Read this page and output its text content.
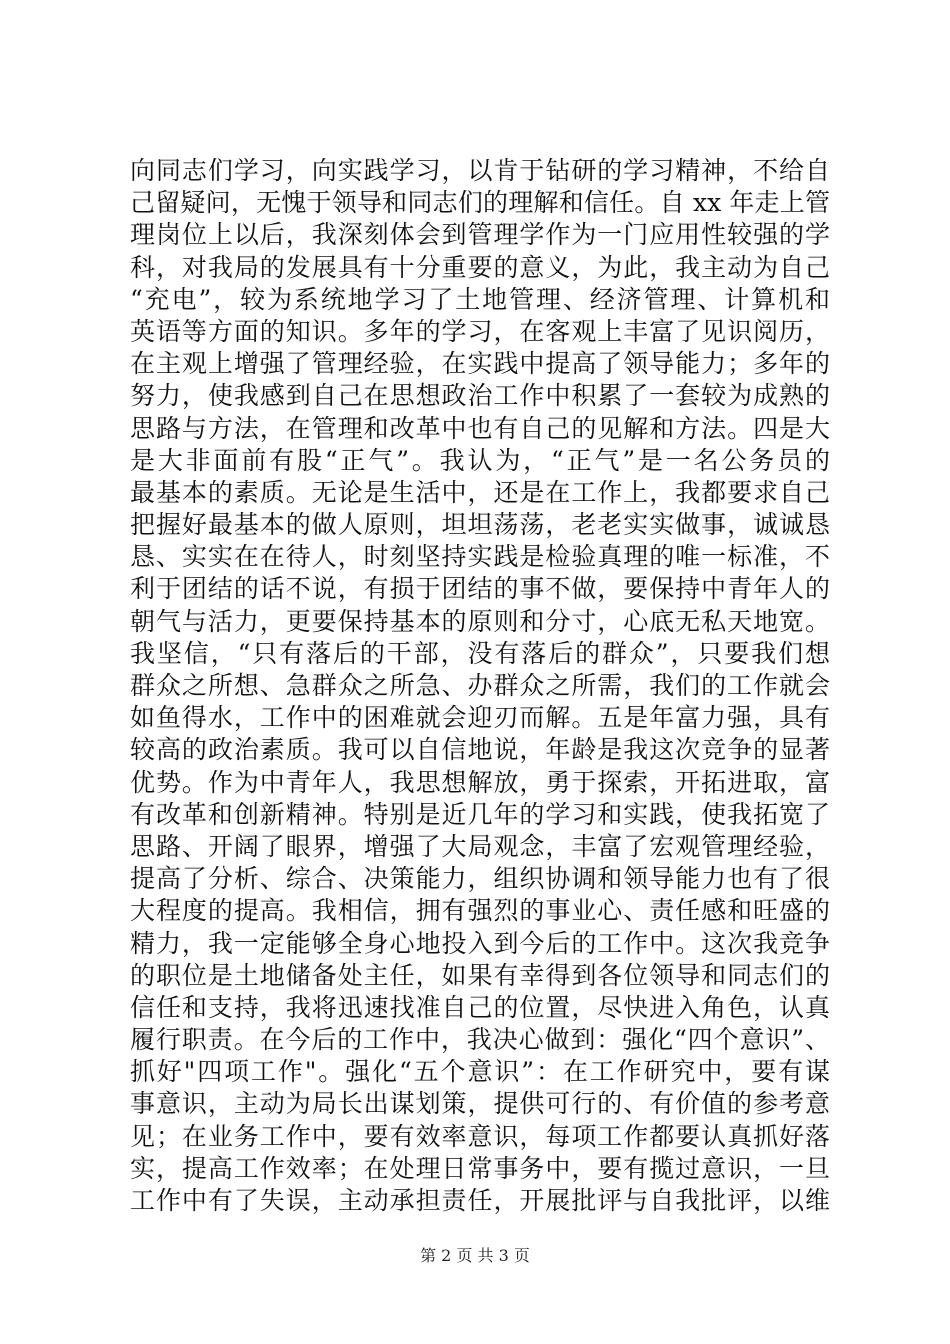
向同志们学习，向实践学习，以肯于钻研的学习精神，不给自
己留疑问，无愧于领导和同志们的理解和信任。自 xx 年走上管
理岗位上以后，我深刻体会到管理学作为一门应用性较强的学
科，对我局的发展具有十分重要的意义，为此，我主动为自己
“充电”，较为系统地学习了土地管理、经济管理、计算机和
英语等方面的知识。多年的学习，在客观上丰富了见识阅历，
在主观上增强了管理经验，在实践中提高了领导能力；多年的
努力，使我感到自己在思想政治工作中积累了一套较为成熟的
思路与方法，在管理和改革中也有自己的见解和方法。四是大
是大非面前有股“正气”。我认为，“正气”是一名公务员的
最基本的素质。无论是生活中，还是在工作上，我都要求自己
把握好最基本的做人原则，坦坦荡荡，老老实实做事，诚诚恳
恳、实实在在待人，时刻坚持实践是检验真理的唯一标准，不
利于团结的话不说，有损于团结的事不做，要保持中青年人的
朝气与活力，更要保持基本的原则和分寸，心底无私天地宽。
我坚信，“只有落后的干部，没有落后的群众”，只要我们想
群众之所想、急群众之所急、办群众之所需，我们的工作就会
如鱼得水，工作中的困难就会迎刃而解。五是年富力强，具有
较高的政治素质。我可以自信地说，年龄是我这次竞争的显著
优势。作为中青年人，我思想解放，勇于探索，开拓进取，富
有改革和创新精神。特别是近几年的学习和实践，使我拓宽了
思路、开阔了眼界，增强了大局观念，丰富了宏观管理经验，
提高了分析、综合、决策能力，组织协调和领导能力也有了很
大程度的提高。我相信，拥有强烈的事业心、责任感和旺盛的
精力，我一定能够全身心地投入到今后的工作中。这次我竞争
的职位是土地储备处主任，如果有幸得到各位领导和同志们的
信任和支持，我将迅速找准自己的位置，尽快进入角色，认真
履行职责。在今后的工作中，我决心做到：强化“四个意识”、
抓好"四项工作"。强化“五个意识”：在工作研究中，要有谋
事意识，主动为局长出谋划策，提供可行的、有价值的参考意
见；在业务工作中，要有效率意识，每项工作都要认真抓好落
实，提高工作效率；在处理日常事务中，要有揽过意识，一旦
工作中有了失误，主动承担责任，开展批评与自我批评，以维
第 2 页 共 3 页
